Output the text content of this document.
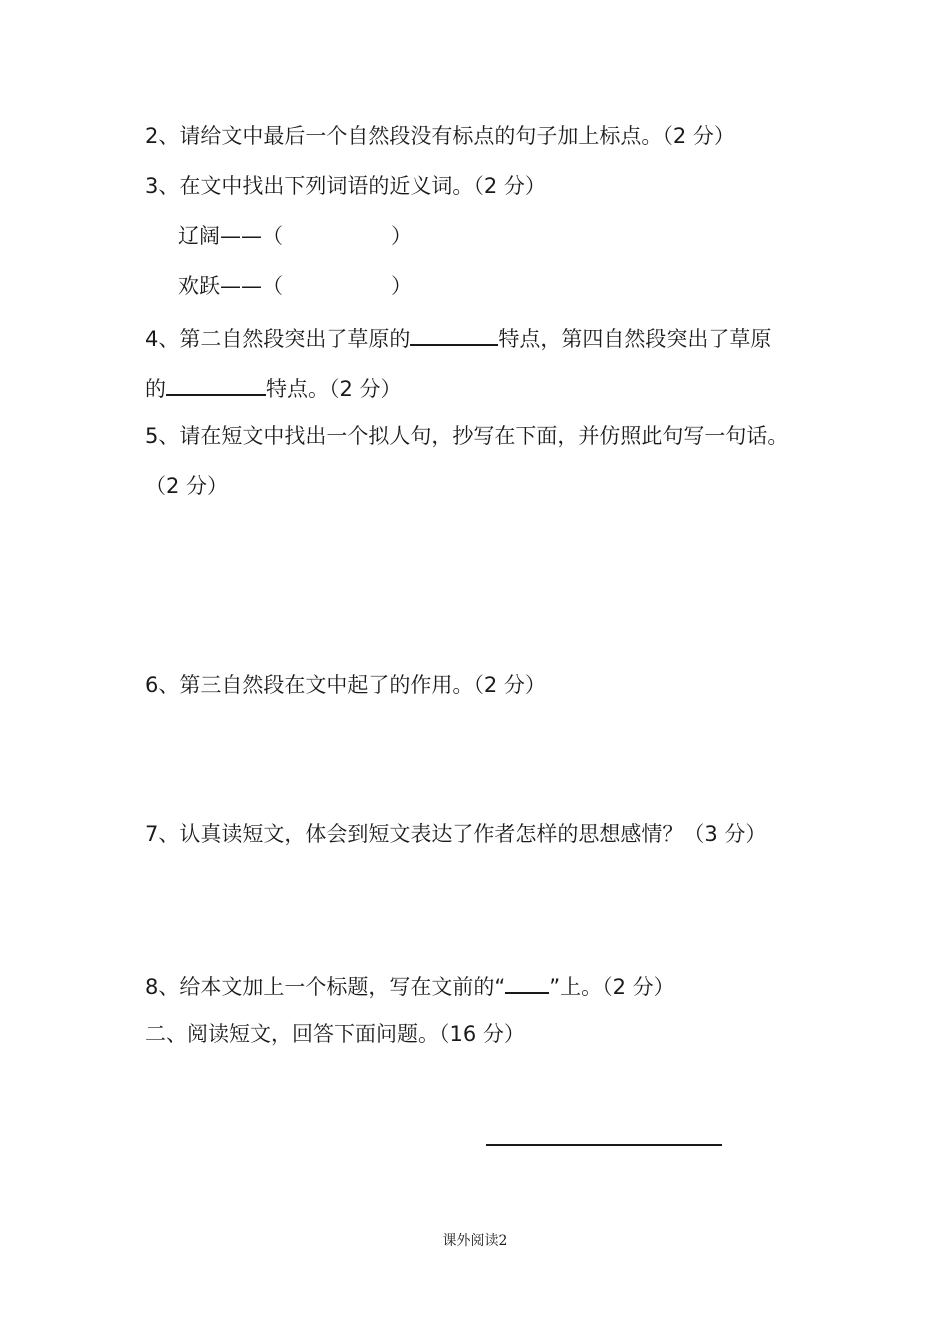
2、请给文中最后一个自然段没有标点的句子加上标点。（2 分）
3、在文中找出下列词语的近义词。（2 分）
辽阔——（	）
欢跃——（	）
4、第二自然段突出了草原的	特点，第四自然段突出了草原
的	特点。（2 分）
5、请在短文中找出一个拟人句，抄写在下面，并仿照此句写一句话。
（2 分）
6、第三自然段在文中起了的作用。（2 分）
7、认真读短文，体会到短文表达了作者怎样的思想感情？（3 分）
8、给本文加上一个标题，写在文前的“ ”上。（2 分）
二、阅读短文，回答下面问题。（16 分）
课外阅读2
